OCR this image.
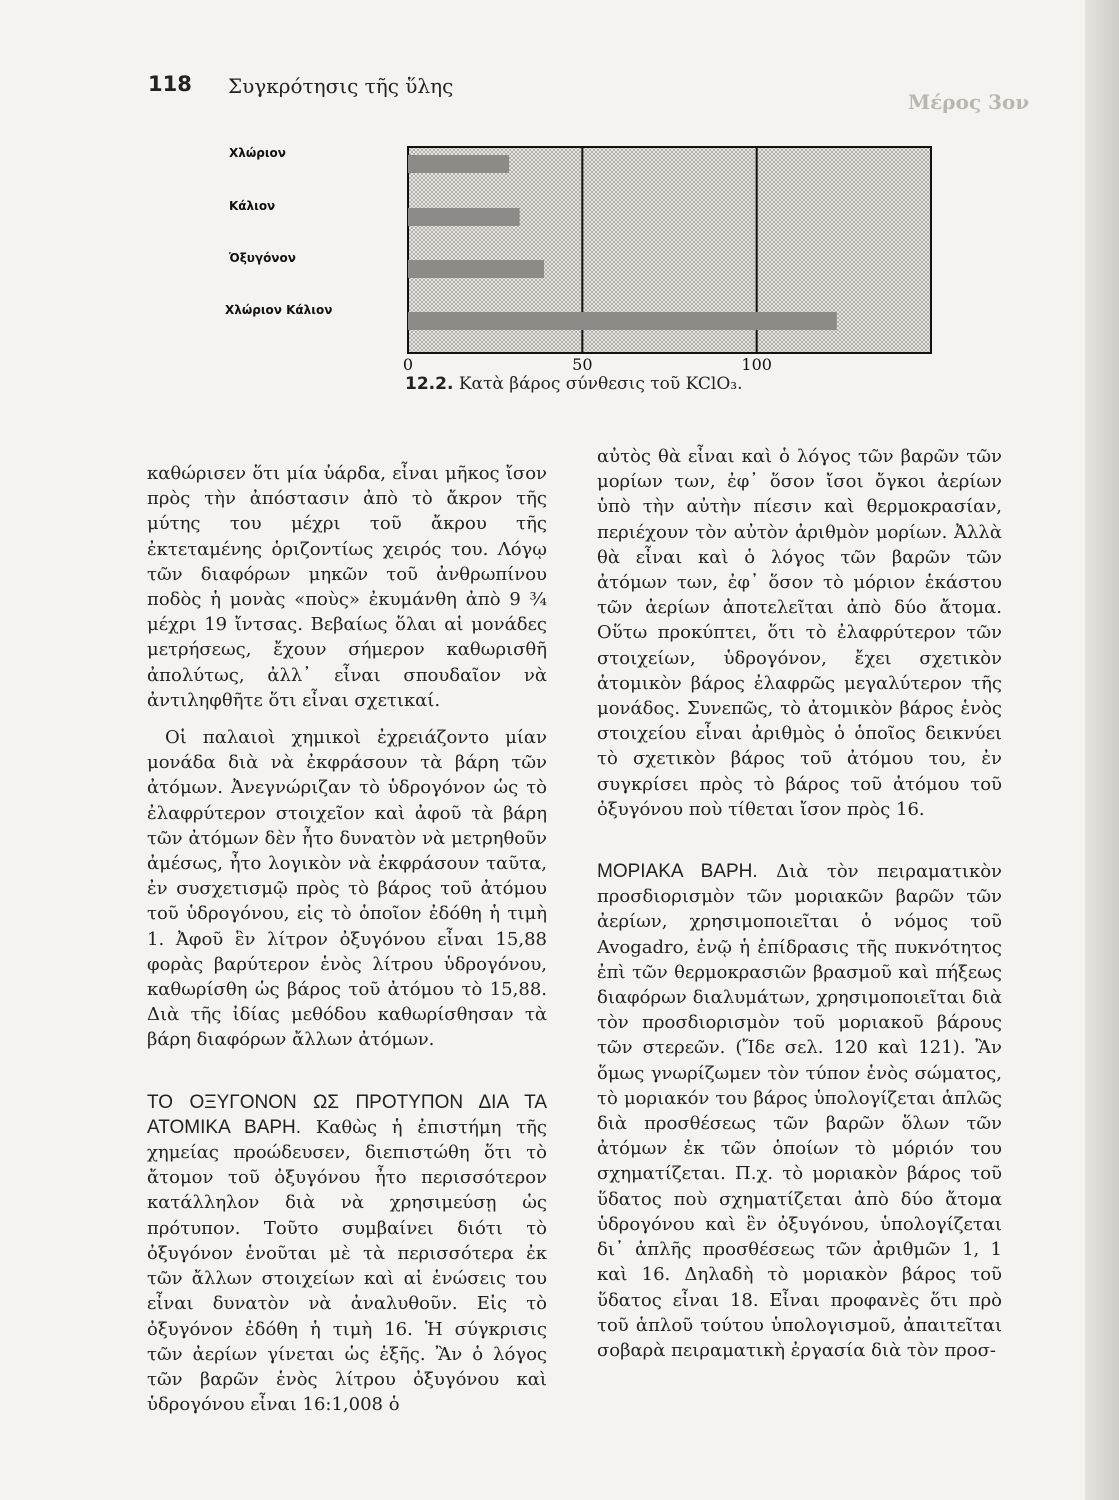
118 Συγκρότησις τῆς ὕλης
Μέρος 3ον
0	50	100
Χλώριον
Κάλιον
Ὀξυγόνον
Χλώριον Κάλιον
12.2. Κατὰ βάρος σύνθεσις τοῦ KClO₃.

καθώρισεν ὅτι μία ὑάρδα, εἶναι μῆκος ἴσον πρὸς τὴν ἀπόστασιν ἀπὸ τὸ ἄκρον τῆς μύτης του μέχρι τοῦ ἄκρου τῆς ἐκτεταμένης ὁριζοντίως χειρός του. Λόγῳ τῶν διαφόρων μηκῶν τοῦ ἀνθρωπίνου ποδὸς ἡ μονὰς «ποὺς» ἐκυμάνθη ἀπὸ 9 ¾ μέχρι 19 ἴντσας. Βεβαίως ὅλαι αἱ μονάδες μετρήσεως, ἔχουν σήμερον καθωρισθῆ ἀπολύτως, ἀλλ᾿ εἶναι σπουδαῖον νὰ ἀντιληφθῆτε ὅτι εἶναι σχετικαί.

Οἱ παλαιοὶ χημικοὶ ἐχρειάζοντο μίαν μονάδα διὰ νὰ ἐκφράσουν τὰ βάρη τῶν ἀτόμων. Ἀνεγνώριζαν τὸ ὑδρογόνον ὡς τὸ ἐλαφρύτερον στοιχεῖον καὶ ἀφοῦ τὰ βάρη τῶν ἀτόμων δὲν ἦτο δυνατὸν νὰ μετρηθοῦν ἀμέσως, ἦτο λογικὸν νὰ ἐκφράσουν ταῦτα, ἐν συσχετισμῷ πρὸς τὸ βάρος τοῦ ἀτόμου τοῦ ὑδρογόνου, εἰς τὸ ὁποῖον ἐδόθη ἡ τιμὴ 1. Ἀφοῦ ἓν λίτρον ὀξυγόνου εἶναι 15,88 φορὰς βαρύτερον ἑνὸς λίτρου ὑδρογόνου, καθωρίσθη ὡς βάρος τοῦ ἀτόμου τὸ 15,88. Διὰ τῆς ἰδίας μεθόδου καθωρίσθησαν τὰ βάρη διαφόρων ἄλλων ἀτόμων.

ΤΟ ΟΞΥΓΟΝΟΝ ΩΣ ΠΡΟΤΥΠΟΝ ΔΙΑ ΤΑ ΑΤΟΜΙΚΑ ΒΑΡΗ. Καθὼς ἡ ἐπιστήμη τῆς χημείας προώδευσεν, διεπιστώθη ὅτι τὸ ἄτομον τοῦ ὀξυγόνου ἦτο περισσότερον κατάλληλον διὰ νὰ χρησιμεύσῃ ὡς πρότυπον. Τοῦτο συμβαίνει διότι τὸ ὀξυγόνον ἑνοῦται μὲ τὰ περισσότερα ἐκ τῶν ἄλλων στοιχείων καὶ αἱ ἑνώσεις του εἶναι δυνατὸν νὰ ἀναλυθοῦν. Εἰς τὸ ὀξυγόνον ἐδόθη ἡ τιμὴ 16. Ἡ σύγκρισις τῶν ἀερίων γίνεται ὡς ἑξῆς. Ἂν ὁ λόγος τῶν βαρῶν ἑνὸς λίτρου ὀξυγόνου καὶ ὑδρογόνου εἶναι 16:1,008 ὁ

αὐτὸς θὰ εἶναι καὶ ὁ λόγος τῶν βαρῶν τῶν μορίων των, ἐφ᾿ ὅσον ἴσοι ὄγκοι ἀερίων ὑπὸ τὴν αὐτὴν πίεσιν καὶ θερμοκρασίαν, περιέχουν τὸν αὐτὸν ἀριθμὸν μορίων. Ἀλλὰ θὰ εἶναι καὶ ὁ λόγος τῶν βαρῶν τῶν ἀτόμων των, ἐφ᾿ ὅσον τὸ μόριον ἑκάστου τῶν ἀερίων ἀποτελεῖται ἀπὸ δύο ἄτομα. Οὕτω προκύπτει, ὅτι τὸ ἐλαφρύτερον τῶν στοιχείων, ὑδρογόνον, ἔχει σχετικὸν ἀτομικὸν βάρος ἐλαφρῶς μεγαλύτερον τῆς μονάδος. Συνεπῶς, τὸ ἀτομικὸν βάρος ἑνὸς στοιχείου εἶναι ἀριθμὸς ὁ ὁποῖος δεικνύει τὸ σχετικὸν βάρος τοῦ ἀτόμου του, ἐν συγκρίσει πρὸς τὸ βάρος τοῦ ἀτόμου τοῦ ὀξυγόνου ποὺ τίθεται ἴσον πρὸς 16.

ΜΟΡΙΑΚΑ ΒΑΡΗ. Διὰ τὸν πειραματικὸν προσδιορισμὸν τῶν μοριακῶν βαρῶν τῶν ἀερίων, χρησιμοποιεῖται ὁ νόμος τοῦ Avogadro, ἐνῷ ἡ ἐπίδρασις τῆς πυκνότητος ἐπὶ τῶν θερμοκρασιῶν βρασμοῦ καὶ πήξεως διαφόρων διαλυμάτων, χρησιμοποιεῖται διὰ τὸν προσδιορισμὸν τοῦ μοριακοῦ βάρους τῶν στερεῶν. (Ἴδε σελ. 120 καὶ 121). Ἂν ὅμως γνωρίζωμεν τὸν τύπον ἑνὸς σώματος, τὸ μοριακόν του βάρος ὑπολογίζεται ἁπλῶς διὰ προσθέσεως τῶν βαρῶν ὅλων τῶν ἀτόμων ἐκ τῶν ὁποίων τὸ μόριόν του σχηματίζεται. Π.χ. τὸ μοριακὸν βάρος τοῦ ὕδατος ποὺ σχηματίζεται ἀπὸ δύο ἄτομα ὑδρογόνου καὶ ἓν ὀξυγόνου, ὑπολογίζεται δι᾿ ἁπλῆς προσθέσεως τῶν ἀριθμῶν 1, 1 καὶ 16. Δηλαδὴ τὸ μοριακὸν βάρος τοῦ ὕδατος εἶναι 18. Εἶναι προφανὲς ὅτι πρὸ τοῦ ἁπλοῦ τούτου ὑπολογισμοῦ, ἀπαιτεῖται σοβαρὰ πειραματικὴ ἐργασία διὰ τὸν προσ-
